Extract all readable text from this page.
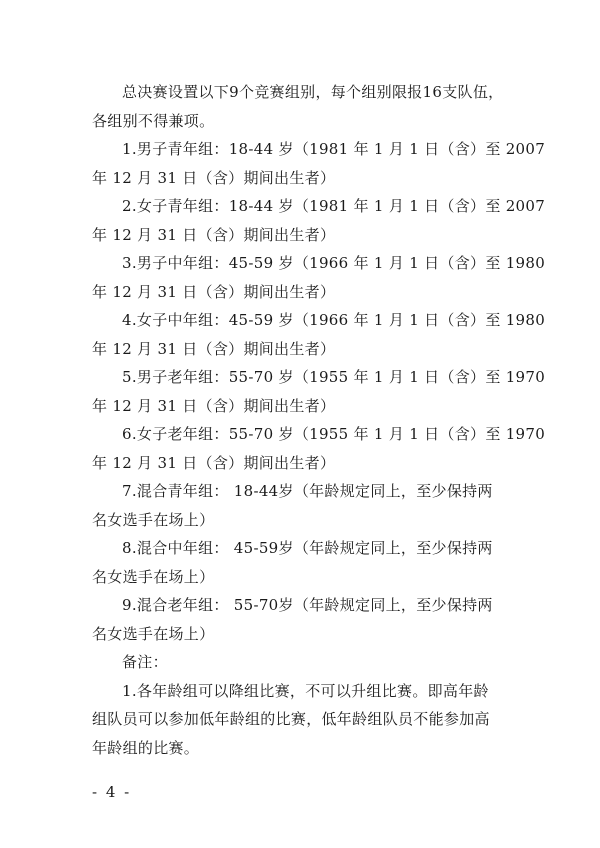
总决赛设置以下9个竞赛组别，每个组别限报16支队伍，
各组别不得兼项。
1.男子青年组：18-44 岁（1981 年 1 月 1 日（含）至 2007
年 12 月 31 日（含）期间出生者）
2.女子青年组：18-44 岁（1981 年 1 月 1 日（含）至 2007
年 12 月 31 日（含）期间出生者）
3.男子中年组：45-59 岁（1966 年 1 月 1 日（含）至 1980
年 12 月 31 日（含）期间出生者）
4.女子中年组：45-59 岁（1966 年 1 月 1 日（含）至 1980
年 12 月 31 日（含）期间出生者）
5.男子老年组：55-70 岁（1955 年 1 月 1 日（含）至 1970
年 12 月 31 日（含）期间出生者）
6.女子老年组：55-70 岁（1955 年 1 月 1 日（含）至 1970
年 12 月 31 日（含）期间出生者）
7.混合青年组： 18-44岁（年龄规定同上，至少保持两
名女选手在场上）
8.混合中年组： 45-59岁（年龄规定同上，至少保持两
名女选手在场上）
9.混合老年组： 55-70岁（年龄规定同上，至少保持两
名女选手在场上）
备注：
1.各年龄组可以降组比赛，不可以升组比赛。即高年龄
组队员可以参加低年龄组的比赛，低年龄组队员不能参加高
年龄组的比赛。
- 4 -
